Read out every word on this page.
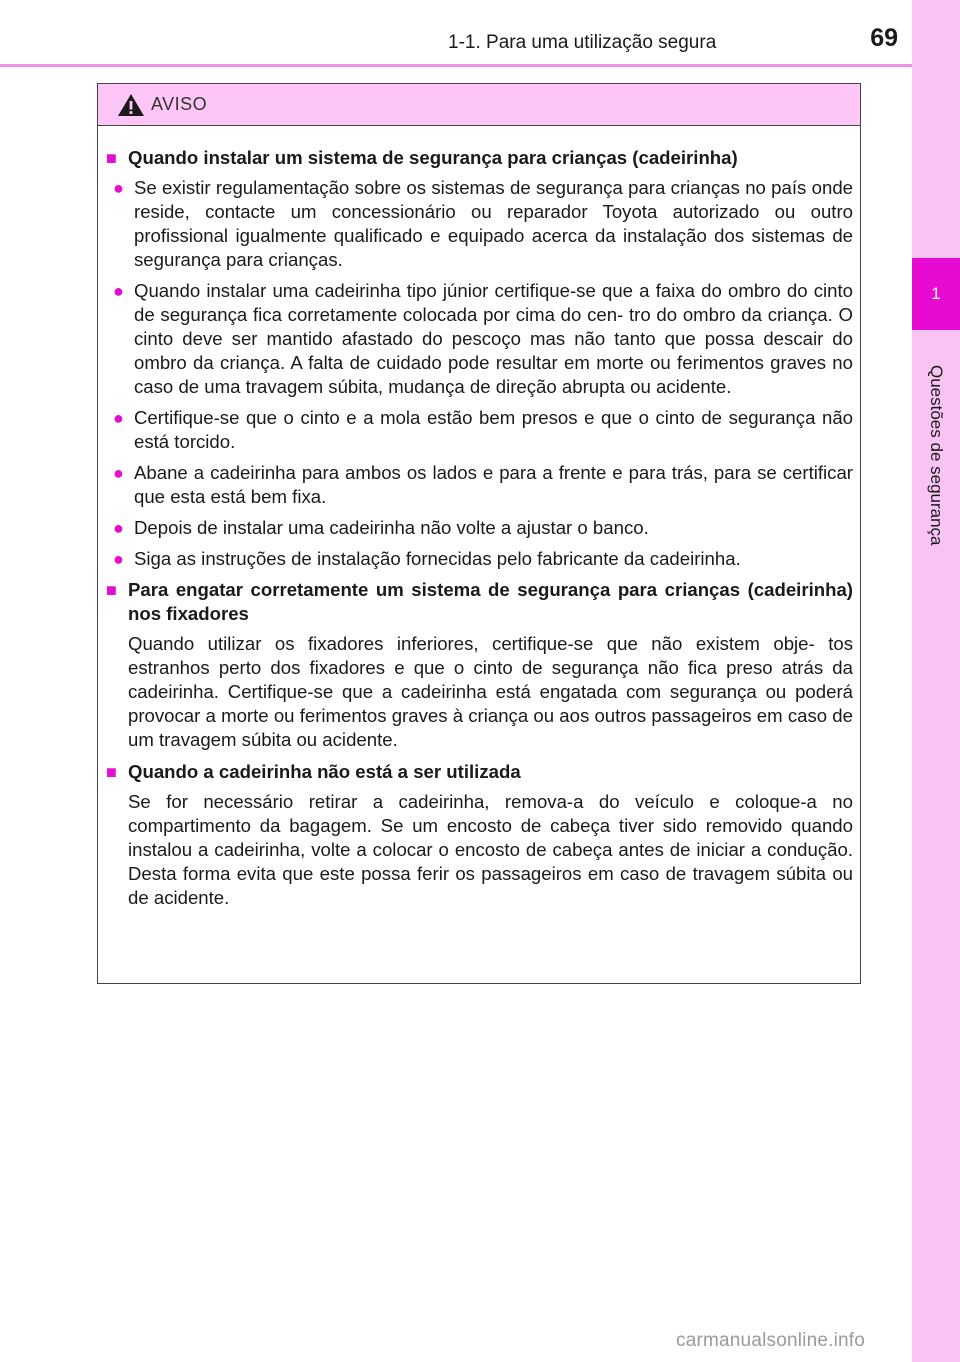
1
Questões de segurança
1-1. Para uma utilização segura	69
AVISO
■ Quando instalar um sistema de segurança para crianças (cadeirinha)
● Se existir regulamentação sobre os sistemas de segurança para crianças no país onde reside, contacte um concessionário ou reparador Toyota autorizado ou outro profissional igualmente qualificado e equipado acerca da instalação dos sistemas de segurança para crianças.
● Quando instalar uma cadeirinha tipo júnior certifique-se que a faixa do ombro do cinto de segurança fica corretamente colocada por cima do cen- tro do ombro da criança. O cinto deve ser mantido afastado do pescoço mas não tanto que possa descair do ombro da criança. A falta de cuidado pode resultar em morte ou ferimentos graves no caso de uma travagem súbita, mudança de direção abrupta ou acidente.
● Certifique-se que o cinto e a mola estão bem presos e que o cinto de segurança não está torcido.
● Abane a cadeirinha para ambos os lados e para a frente e para trás, para se certificar que esta está bem fixa.
● Depois de instalar uma cadeirinha não volte a ajustar o banco.
● Siga as instruções de instalação fornecidas pelo fabricante da cadeirinha.
■ Para engatar corretamente um sistema de segurança para crianças (cadeirinha) nos fixadores
Quando utilizar os fixadores inferiores, certifique-se que não existem obje- tos estranhos perto dos fixadores e que o cinto de segurança não fica preso atrás da cadeirinha. Certifique-se que a cadeirinha está engatada com segurança ou poderá provocar a morte ou ferimentos graves à criança ou aos outros passageiros em caso de um travagem súbita ou acidente.
■ Quando a cadeirinha não está a ser utilizada
Se for necessário retirar a cadeirinha, remova-a do veículo e coloque-a no compartimento da bagagem. Se um encosto de cabeça tiver sido removido quando instalou a cadeirinha, volte a colocar o encosto de cabeça antes de iniciar a condução. Desta forma evita que este possa ferir os passageiros em caso de travagem súbita ou de acidente.
carmanualsonline.info
